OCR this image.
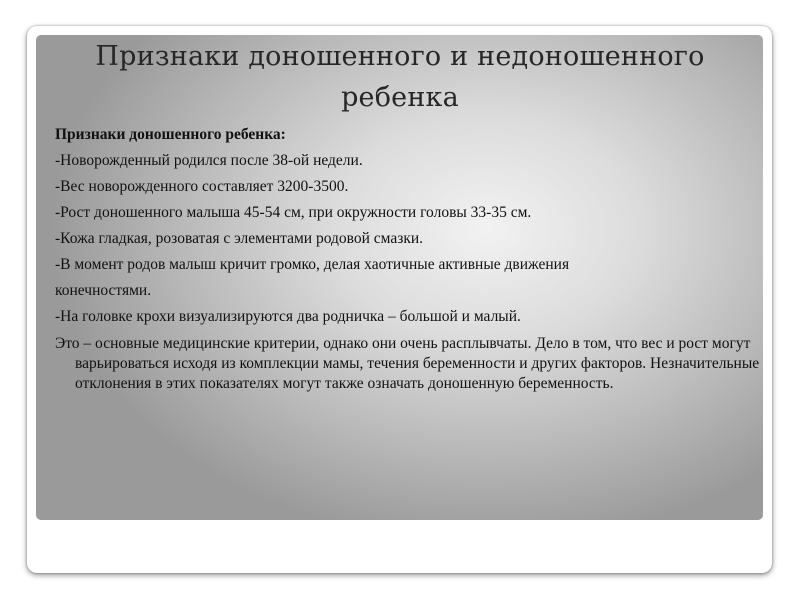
Признаки доношенного и недоношенного ребенка

Признаки доношенного ребенка:

-Новорожденный родился после 38-ой недели.

-Вес новорожденного составляет 3200-3500.

-Рост доношенного малыша 45-54 см, при окружности головы 33-35 см.

-Кожа гладкая, розоватая с элементами родовой смазки.

-В момент родов малыш кричит громко, делая хаотичные активные движения

конечностями.

-На головке крохи визуализируются два родничка – большой и малый.

Это – основные медицинские критерии, однако они очень расплывчаты. Дело в том, что вес и рост могут варьироваться исходя из комплекции мамы, течения беременности и других факторов. Незначительные отклонения в этих показателях могут также означать доношенную беременность.
